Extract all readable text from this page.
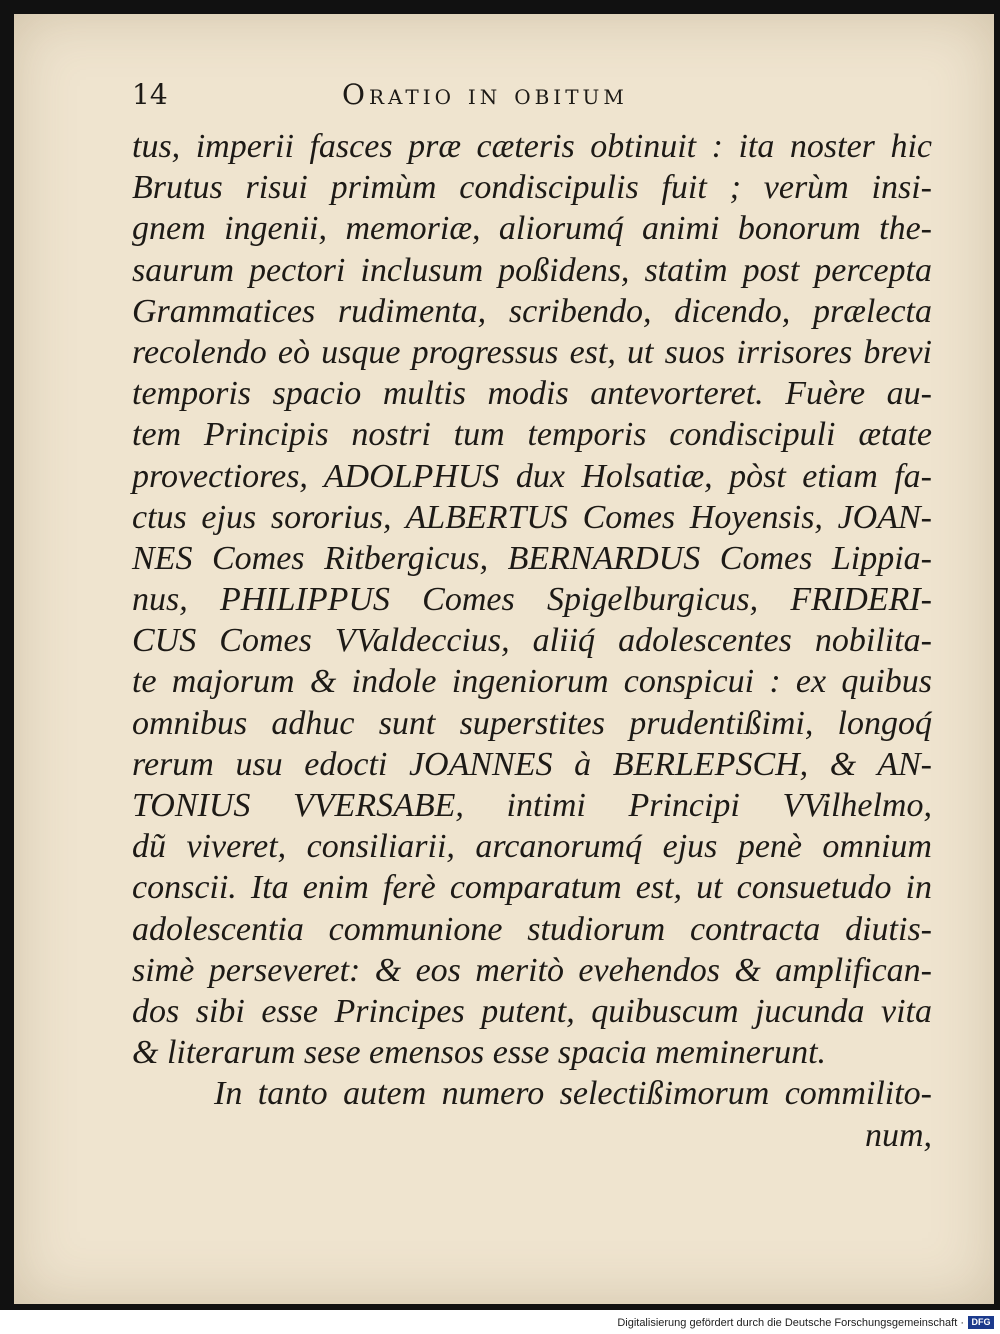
14	Oratio in obitum
tus, imperii fasces præ cæteris obtinuit : ita noster hic
Brutus risui primùm condiscipulis fuit ; verùm insi-
gnem ingenii, memoriæ, aliorumq́ animi bonorum the-
saurum pectori inclusum poßidens, statim post percepta
Grammatices rudimenta, scribendo, dicendo, prælecta
recolendo eò usque progressus est, ut suos irrisores brevi
temporis spacio multis modis antevorteret. Fuère au-
tem Principis nostri tum temporis condiscipuli ætate
provectiores, ADOLPHUS dux Holsatiæ, pòst etiam fa-
ctus ejus sororius, ALBERTUS Comes Hoyensis, JOAN-
NES Comes Ritbergicus, BERNARDUS Comes Lippia-
nus, PHILIPPUS Comes Spigelburgicus, FRIDERI-
CUS Comes VValdeccius, aliiq́ adolescentes nobilita-
te majorum & indole ingeniorum conspicui : ex quibus
omnibus adhuc sunt superstites prudentißimi, longoq́
rerum usu edocti JOANNES à BERLEPSCH, & AN-
TONIUS VVERSABE, intimi Principi VVilhelmo,
dũ viveret, consiliarii, arcanorumq́ ejus penè omnium
conscii. Ita enim ferè comparatum est, ut consuetudo in
adolescentia communione studiorum contracta diutis-
simè perseveret: & eos meritò evehendos & amplifican-
dos sibi esse Principes putent, quibuscum jucunda vita
& literarum sese emensos esse spacia meminerunt.
In tanto autem numero selectißimorum commilito-
num,
Digitalisierung gefördert durch die Deutsche Forschungsgemeinschaft · DFG
